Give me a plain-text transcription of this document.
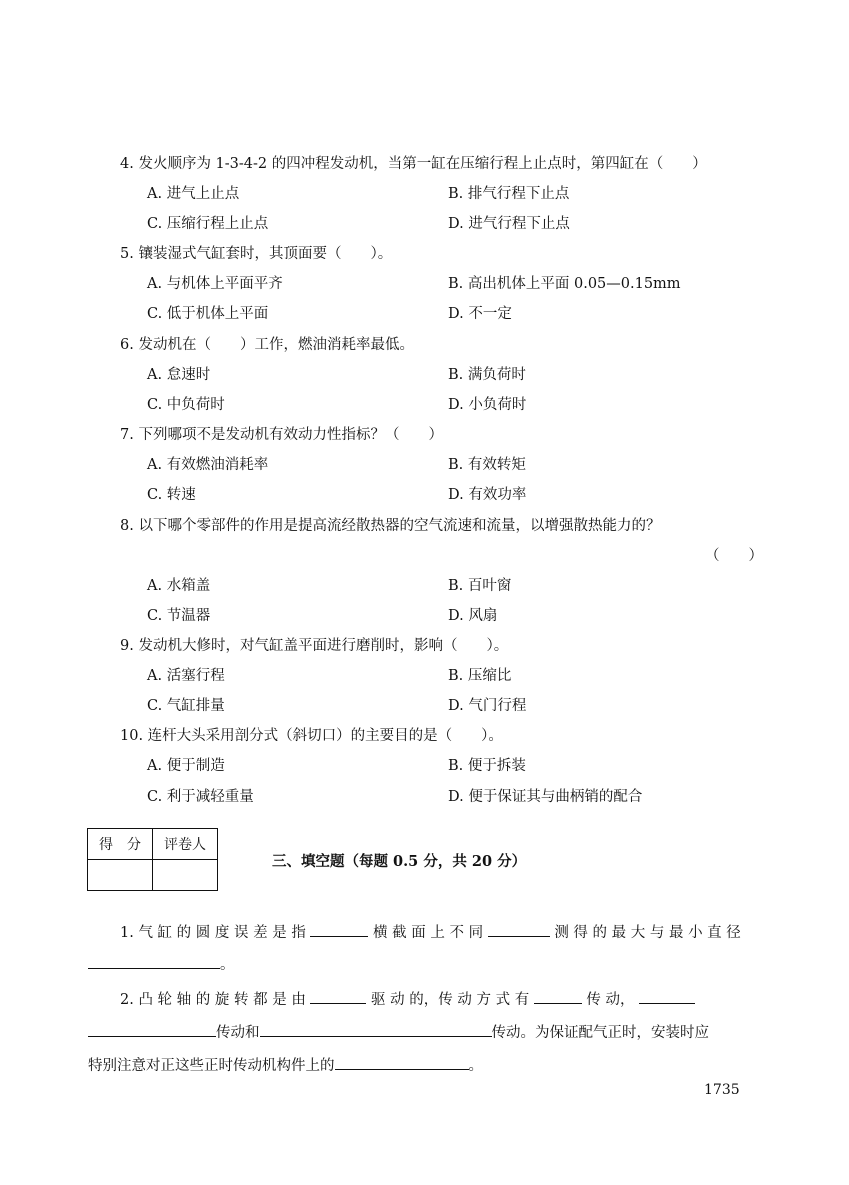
4. 发火顺序为 1-3-4-2 的四冲程发动机，当第一缸在压缩行程上止点时，第四缸在（　　）
A. 进气上止点	B. 排气行程下止点
C. 压缩行程上止点	D. 进气行程下止点
5. 镶装湿式气缸套时，其顶面要（　　）。
A. 与机体上平面平齐	B. 高出机体上平面 0.05—0.15mm
C. 低于机体上平面	D. 不一定
6. 发动机在（　　）工作，燃油消耗率最低。
A. 怠速时	B. 满负荷时
C. 中负荷时	D. 小负荷时
7. 下列哪项不是发动机有效动力性指标？（　　）
A. 有效燃油消耗率	B. 有效转矩
C. 转速	D. 有效功率
8. 以下哪个零部件的作用是提高流经散热器的空气流速和流量，以增强散热能力的？
（　　）
A. 水箱盖	B. 百叶窗
C. 节温器	D. 风扇
9. 发动机大修时，对气缸盖平面进行磨削时，影响（　　）。
A. 活塞行程	B. 压缩比
C. 气缸排量	D. 气门行程
10. 连杆大头采用剖分式（斜切口）的主要目的是（　　）。
A. 便于制造	B. 便于拆装
C. 利于减轻重量	D. 便于保证其与曲柄销的配合
得　分	评卷人

三、填空题（每题 0.5 分，共 20 分）
1. 气 缸 的 圆 度 误 差 是 指	横 截 面 上 不 同	测 得 的 最 大 与 最 小 直 径
。
2. 凸 轮 轴 的 旋 转 都 是 由	驱 动 的，传 动 方 式 有	传 动，
传动和	传动。为保证配气正时，安装时应
特别注意对正这些正时传动机构件上的	。
1735
